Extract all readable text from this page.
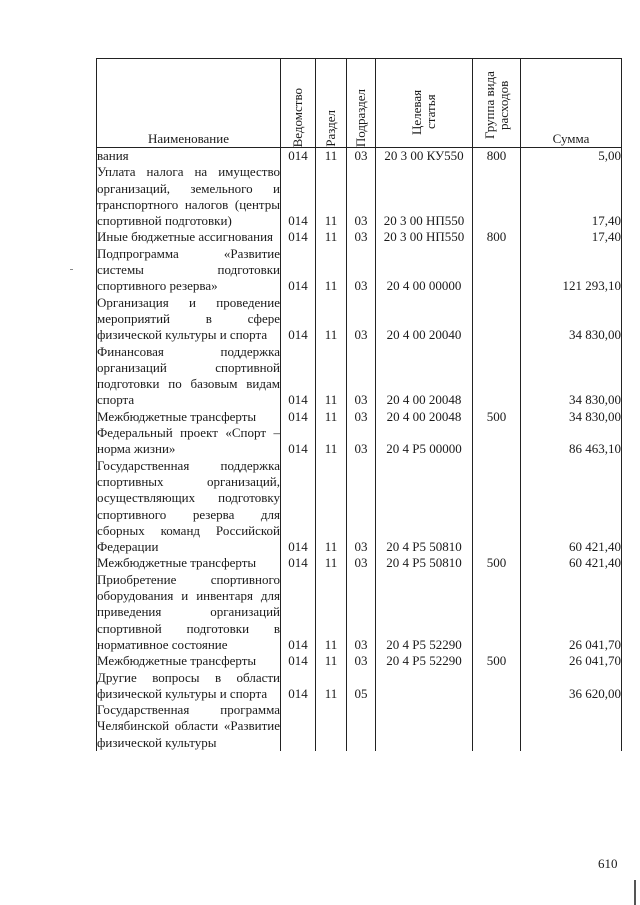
Наименование	Ведомство	Раздел	Подраздел	Целевая статья	Группа вида расходов	Сумма
вания	014	11	03	20 3 00 КУ550	800	5,00
Уплата налога на имущество организаций, земельного и транспортного налогов (центры спортивной подготовки)	014	11	03	20 3 00 НП550		17,40
Иные бюджетные ассигнования	014	11	03	20 3 00 НП550	800	17,40
Подпрограмма «Развитие системы подготовки спортивного резерва»	014	11	03	20 4 00 00000		121 293,10
Организация и проведение мероприятий в сфере физической культуры и спорта	014	11	03	20 4 00 20040		34 830,00
Финансовая поддержка организаций спортивной подготовки по базовым видам спорта	014	11	03	20 4 00 20048		34 830,00
Межбюджетные трансферты	014	11	03	20 4 00 20048	500	34 830,00
Федеральный проект «Спорт – норма жизни»	014	11	03	20 4 P5 00000		86 463,10
Государственная поддержка спортивных организаций, осуществляющих подготовку спортивного резерва для сборных команд Российской Федерации	014	11	03	20 4 P5 50810		60 421,40
Межбюджетные трансферты	014	11	03	20 4 P5 50810	500	60 421,40
Приобретение спортивного оборудования и инвентаря для приведения организаций спортивной подготовки в нормативное состояние	014	11	03	20 4 P5 52290		26 041,70
Межбюджетные трансферты	014	11	03	20 4 P5 52290	500	26 041,70
Другие вопросы в области физической культуры и спорта	014	11	05			36 620,00
Государственная программа Челябинской области «Развитие физической культуры						
610
